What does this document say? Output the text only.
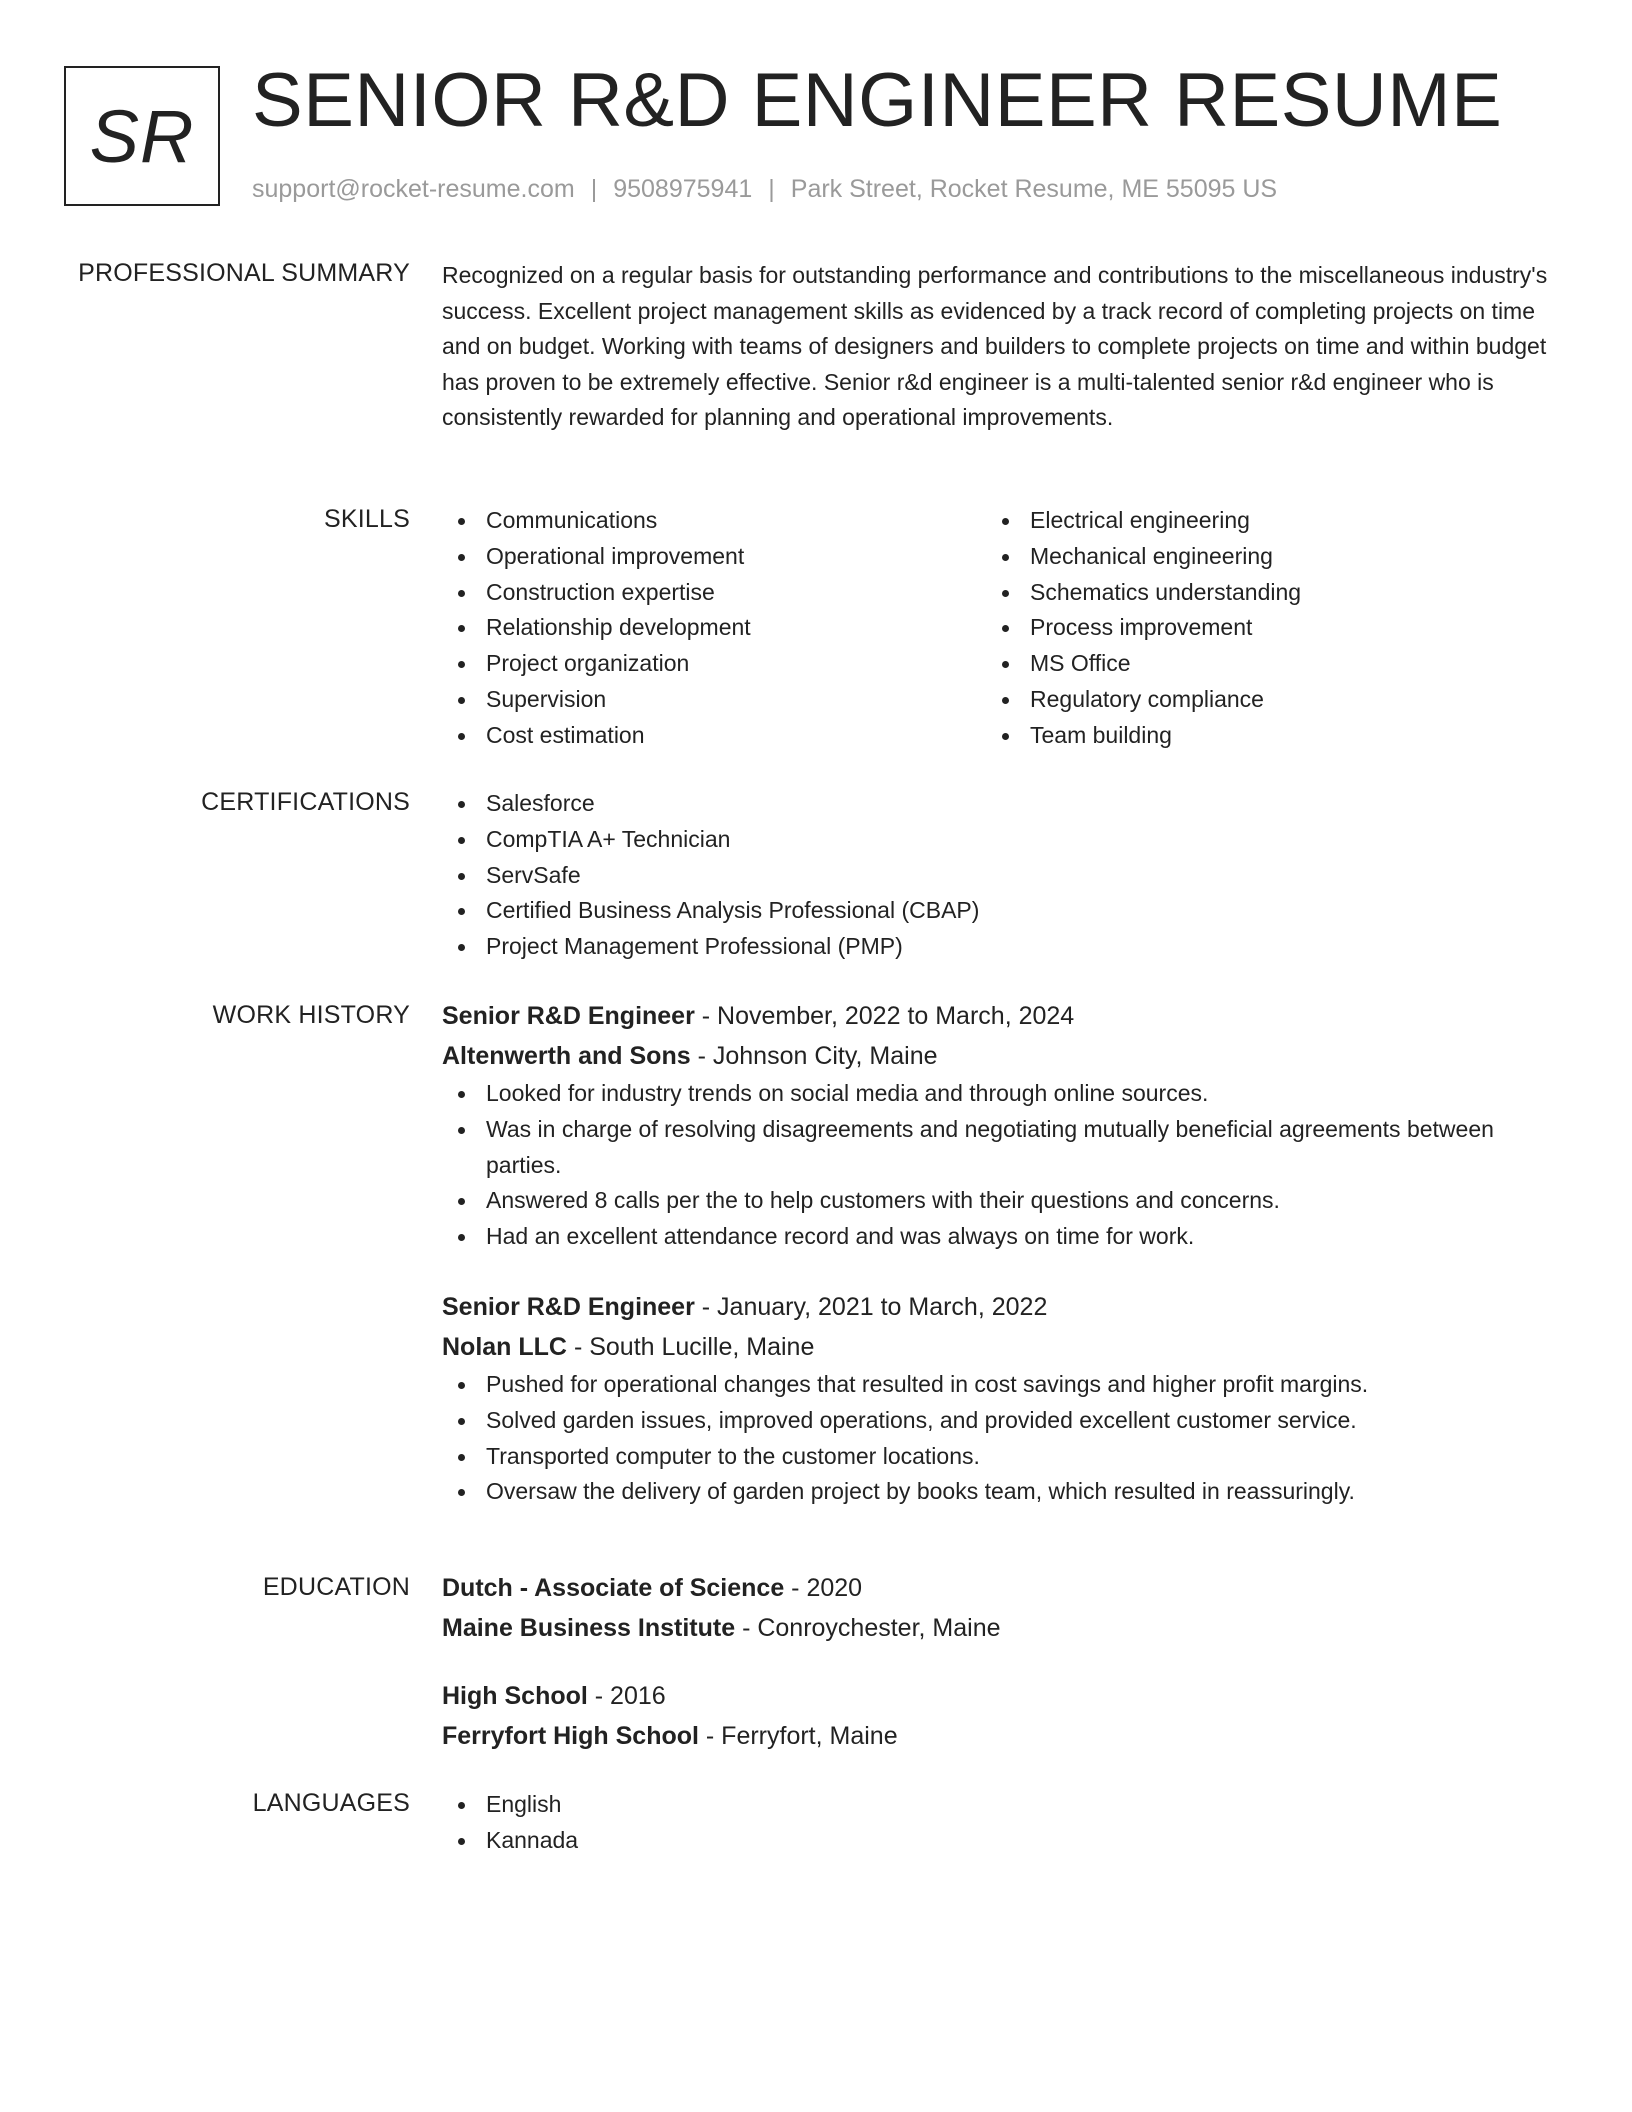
SR SENIOR R&D ENGINEER RESUME
support@rocket-resume.com | 9508975941 | Park Street, Rocket Resume, ME 55095 US
PROFESSIONAL SUMMARY Recognized on a regular basis for outstanding performance and contributions to the miscellaneous industry's success. Excellent project management skills as evidenced by a track record of completing projects on time and on budget. Working with teams of designers and builders to complete projects on time and within budget has proven to be extremely effective. Senior r&d engineer is a multi-talented senior r&d engineer who is consistently rewarded for planning and operational improvements.

SKILLS	Communications
Operational improvement
Construction expertise
Relationship development
Project organization
Supervision
Cost estimation
Electrical engineering
Mechanical engineering
Schematics understanding
Process improvement
MS Office
Regulatory compliance
Team building
CERTIFICATIONS	Salesforce
CompTIA A+ Technician
ServSafe
Certified Business Analysis Professional (CBAP)
Project Management Professional (PMP)
WORK HISTORY Senior R&D Engineer - November, 2022 to March, 2024
Altenwerth and Sons - Johnson City, Maine
Looked for industry trends on social media and through online sources.
Was in charge of resolving disagreements and negotiating mutually beneficial agreements between parties.
Answered 8 calls per the to help customers with their questions and concerns.
Had an excellent attendance record and was always on time for work.
Senior R&D Engineer - January, 2021 to March, 2022
Nolan LLC - South Lucille, Maine
Pushed for operational changes that resulted in cost savings and higher profit margins.
Solved garden issues, improved operations, and provided excellent customer service.
Transported computer to the customer locations.
Oversaw the delivery of garden project by books team, which resulted in reassuringly.
EDUCATION Dutch - Associate of Science - 2020
Maine Business Institute - Conroychester, Maine
High School - 2016
Ferryfort High School - Ferryfort, Maine
LANGUAGES	English
Kannada
